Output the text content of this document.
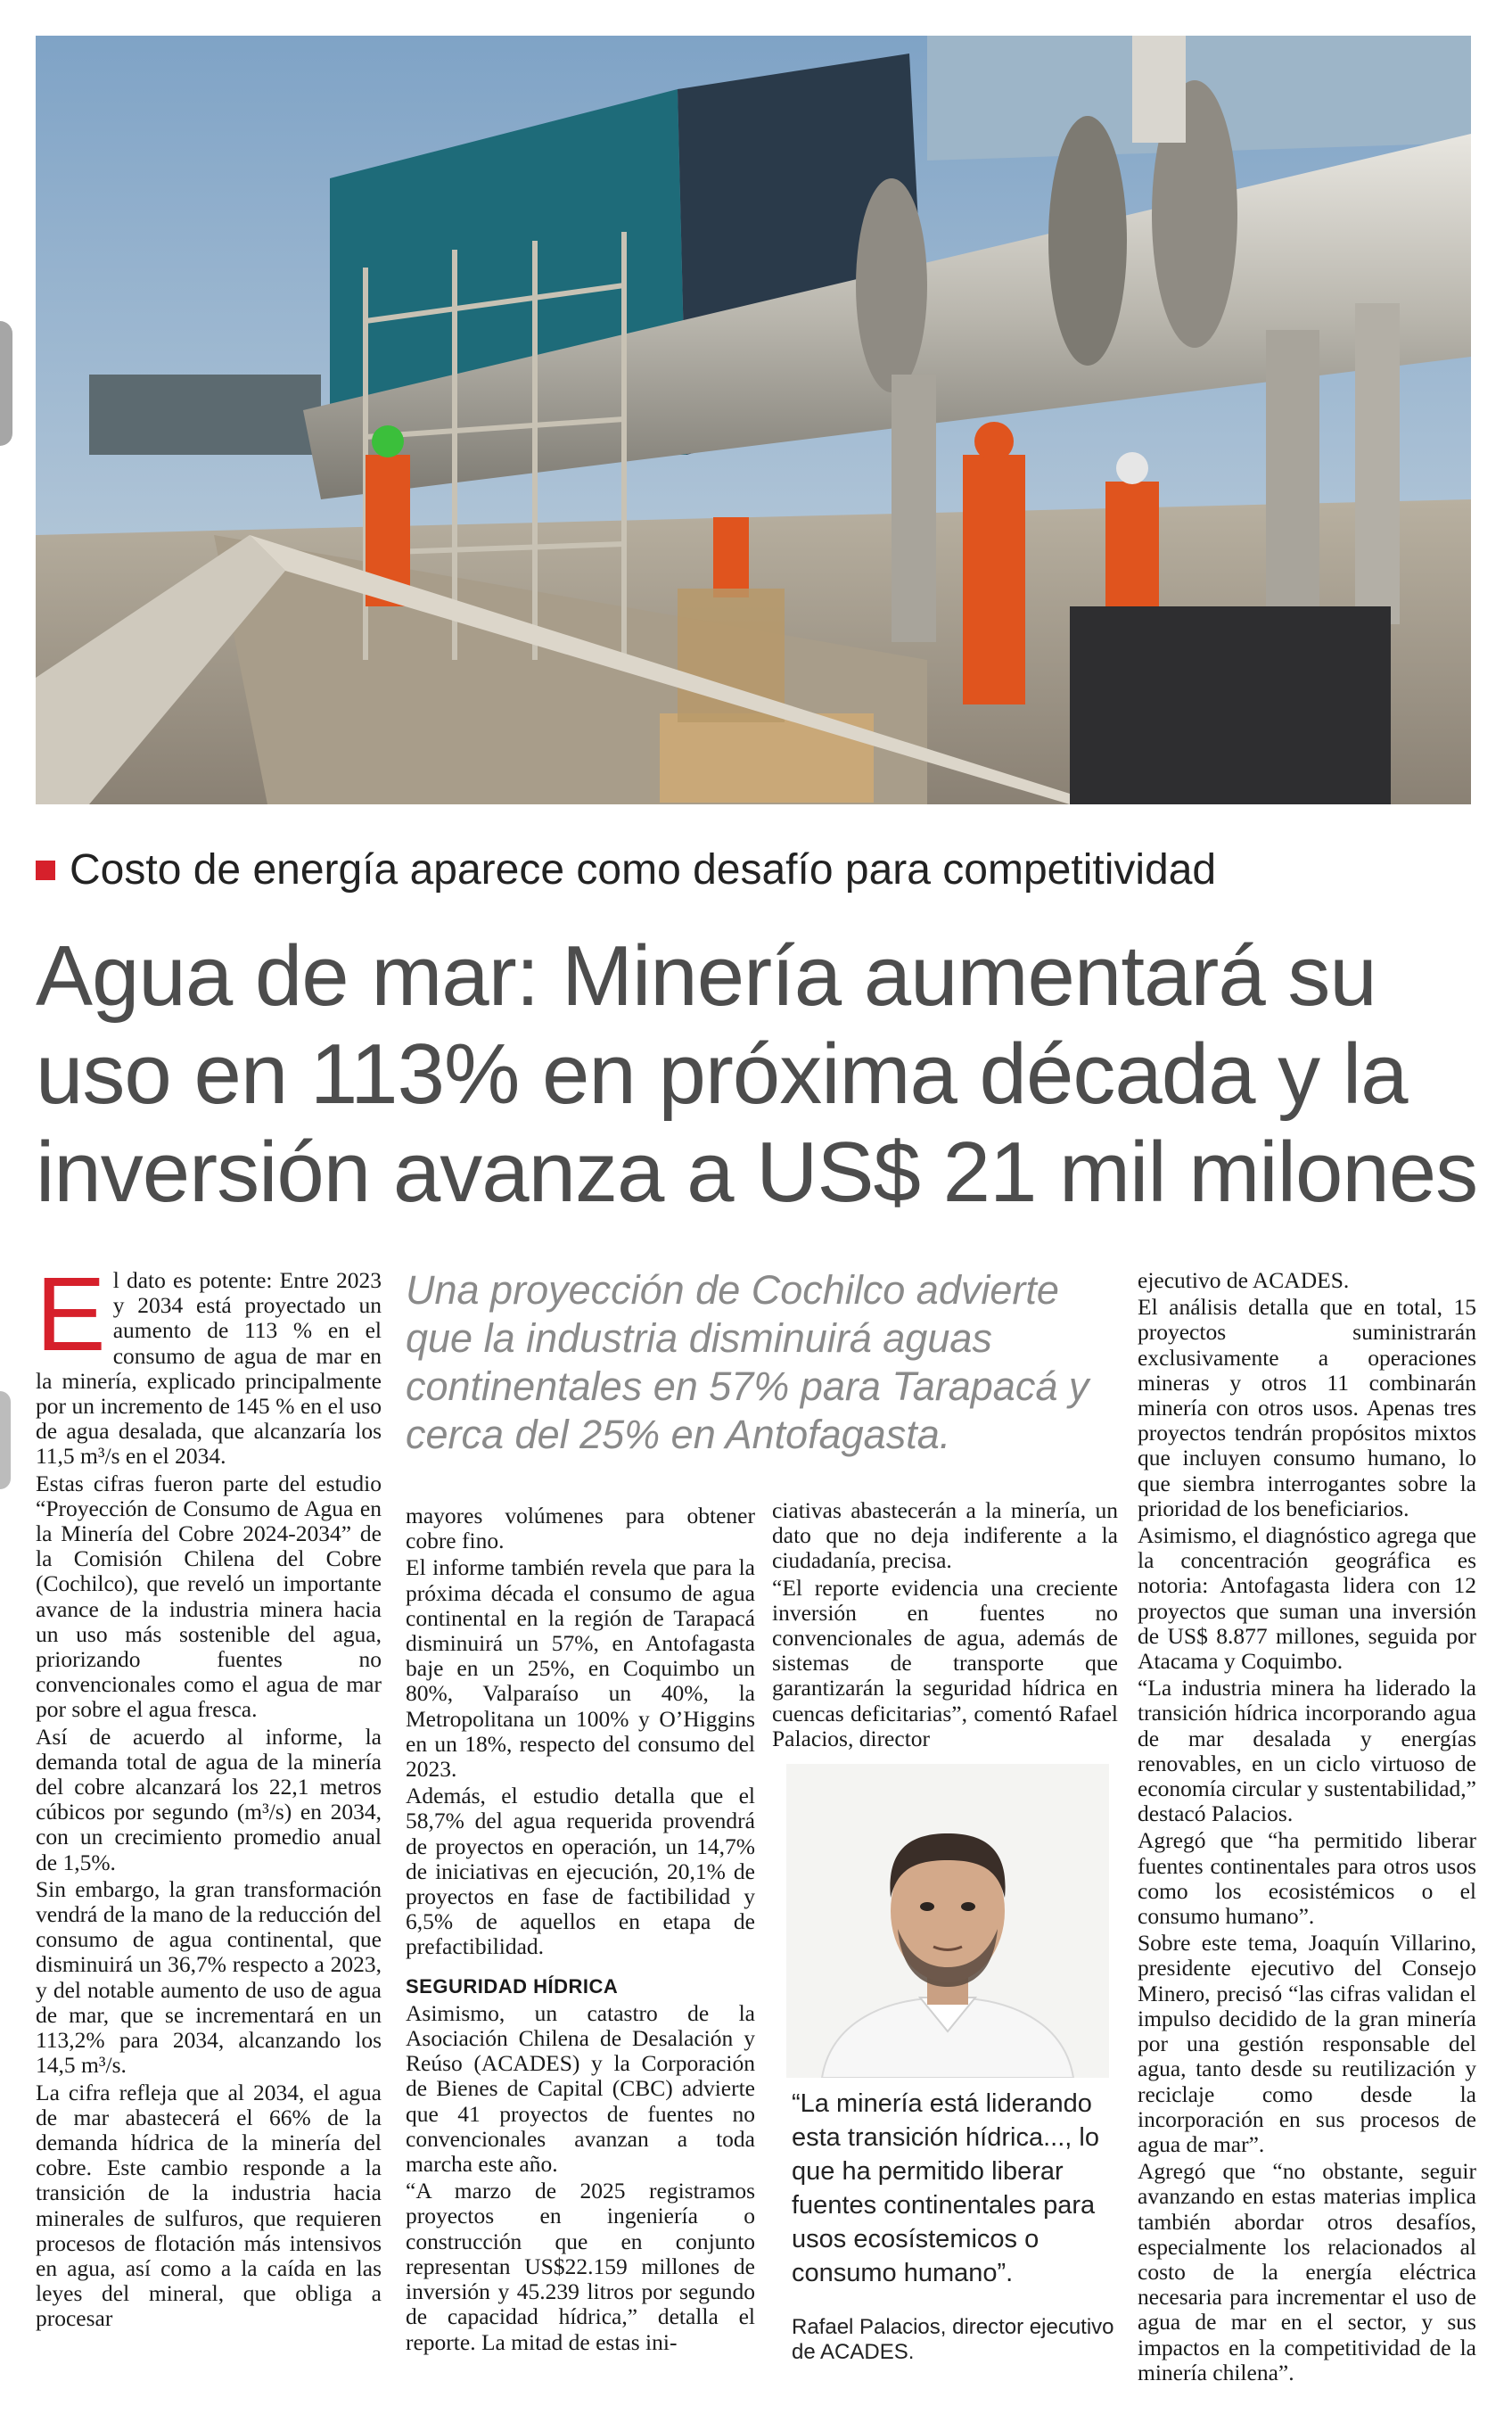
Costo de energía aparece como desafío para competitividad
Agua de mar: Minería aumentará su uso en 113% en próxima década y la inversión avanza a US$ 21 mil milones

El dato es potente: Entre 2023 y 2034 está proyectado un aumento de 113 % en el consumo de agua de mar en la minería, explicado principalmente por un incremento de 145 % en el uso de agua desalada, que alcanzaría los 11,5 m³/s en el 2034.

Estas cifras fueron parte del estudio “Proyección de Consumo de Agua en la Minería del Cobre 2024-2034” de la Comisión Chilena del Cobre (Cochilco), que reveló un importante avance de la industria minera hacia un uso más sostenible del agua, priorizando fuentes no convencionales como el agua de mar por sobre el agua fresca.

Así de acuerdo al informe, la demanda total de agua de la minería del cobre alcanzará los 22,1 metros cúbicos por segundo (m³/s) en 2034, con un crecimiento promedio anual de 1,5%.

Sin embargo, la gran transformación vendrá de la mano de la reducción del consumo de agua continental, que disminuirá un 36,7% respecto a 2023, y del notable aumento de uso de agua de mar, que se incrementará en un 113,2% para 2034, alcanzando los 14,5 m³/s.

La cifra refleja que al 2034, el agua de mar abastecerá el 66% de la demanda hídrica de la minería del cobre. Este cambio responde a la transición de la industria hacia minerales de sulfuros, que requieren procesos de flotación más intensivos en agua, así como a la caída en las leyes del mineral, que obliga a procesar

Una proyección de Cochilco advierte que la industria disminuirá aguas continentales en 57% para Tarapacá y cerca del 25% en Antofagasta.

mayores volúmenes para obtener cobre fino.

El informe también revela que para la próxima década el consumo de agua continental en la región de Tarapacá disminuirá un 57%, en Antofagasta baje en un 25%, en Coquimbo un 80%, Valparaíso un 40%, la Metropolitana un 100% y O’Higgins en un 18%, respecto del consumo del 2023.

Además, el estudio detalla que el 58,7% del agua requerida provendrá de proyectos en operación, un 14,7% de iniciativas en ejecución, 20,1% de proyectos en fase de factibilidad y 6,5% de aquellos en etapa de prefactibilidad.

SEGURIDAD HÍDRICA

Asimismo, un catastro de la Asociación Chilena de Desalación y Reúso (ACADES) y la Corporación de Bienes de Capital (CBC) advierte que 41 proyectos de fuentes no convencionales avanzan a toda marcha este año.

“A marzo de 2025 registramos proyectos en ingeniería o construcción que en conjunto representan US$22.159 millones de inversión y 45.239 litros por segundo de capacidad hídrica,” detalla el reporte. La mitad de estas ini-

ciativas abastecerán a la minería, un dato que no deja indiferente a la ciudadanía, precisa.

“El reporte evidencia una creciente inversión en fuentes no convencionales de agua, además de sistemas de transporte que garantizarán la seguridad hídrica en cuencas deficitarias”, comentó Rafael Palacios, director

“La minería está liderando esta transición hídrica..., lo que ha permitido liberar fuentes continentales para usos ecosístemicos o consumo humano”.
Rafael Palacios, director ejecutivo de ACADES.

ejecutivo de ACADES.

El análisis detalla que en total, 15 proyectos suministrarán exclusivamente a operaciones mineras y otros 11 combinarán minería con otros usos. Apenas tres proyectos tendrán propósitos mixtos que incluyen consumo humano, lo que siembra interrogantes sobre la prioridad de los beneficiarios.

Asimismo, el diagnóstico agrega que la concentración geográfica es notoria: Antofagasta lidera con 12 proyectos que suman una inversión de US$ 8.877 millones, seguida por Atacama y Coquimbo.

“La industria minera ha liderado la transición hídrica incorporando agua de mar desalada y energías renovables, en un ciclo virtuoso de economía circular y sustentabilidad,” destacó Palacios.

Agregó que “ha permitido liberar fuentes continentales para otros usos como los ecosistémicos o el consumo humano”.

Sobre este tema, Joaquín Villarino, presidente ejecutivo del Consejo Minero, precisó “las cifras validan el impulso decidido de la gran minería por una gestión responsable del agua, tanto desde su reutilización y reciclaje como desde la incorporación en sus procesos de agua de mar”.

Agregó que “no obstante, seguir avanzando en estas materias implica también abordar otros desafíos, especialmente los relacionados al costo de la energía eléctrica necesaria para incrementar el uso de agua de mar en el sector, y sus impactos en la competitividad de la minería chilena”.
